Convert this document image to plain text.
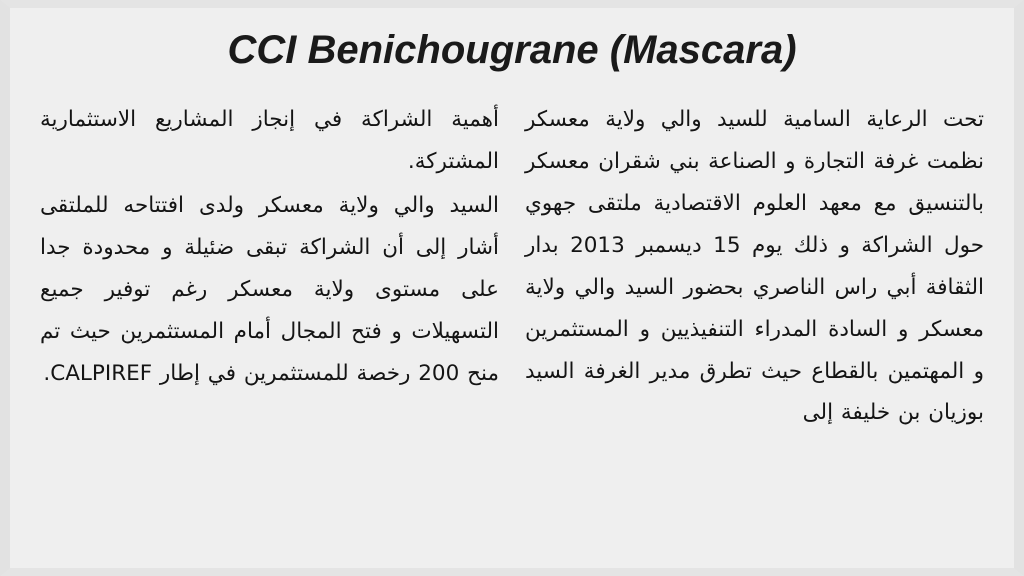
CCI Benichougrane (Mascara)

تحت الرعاية السامية للسيد والي ولاية معسكر نظمت غرفة التجارة و الصناعة بني شقران معسكر بالتنسيق مع معهد العلوم الاقتصادية ملتقى جهوي حول الشراكة و ذلك يوم 15 ديسمبر 2013 بدار الثقافة أبي راس الناصري بحضور السيد والي ولاية معسكر و السادة المدراء التنفيذيين و المستثمرين و المهتمين بالقطاع حيث تطرق مدير الغرفة السيد بوزيان بن خليفة إلى

أهمية الشراكة في إنجاز المشاريع الاستثمارية المشتركة.

السيد والي ولاية معسكر ولدى افتتاحه للملتقى أشار إلى أن الشراكة تبقى ضئيلة و محدودة جدا على مستوى ولاية معسكر رغم توفير جميع التسهيلات و فتح المجال أمام المستثمرين حيث تم منح 200 رخصة للمستثمرين في إطار CALPIREF.
